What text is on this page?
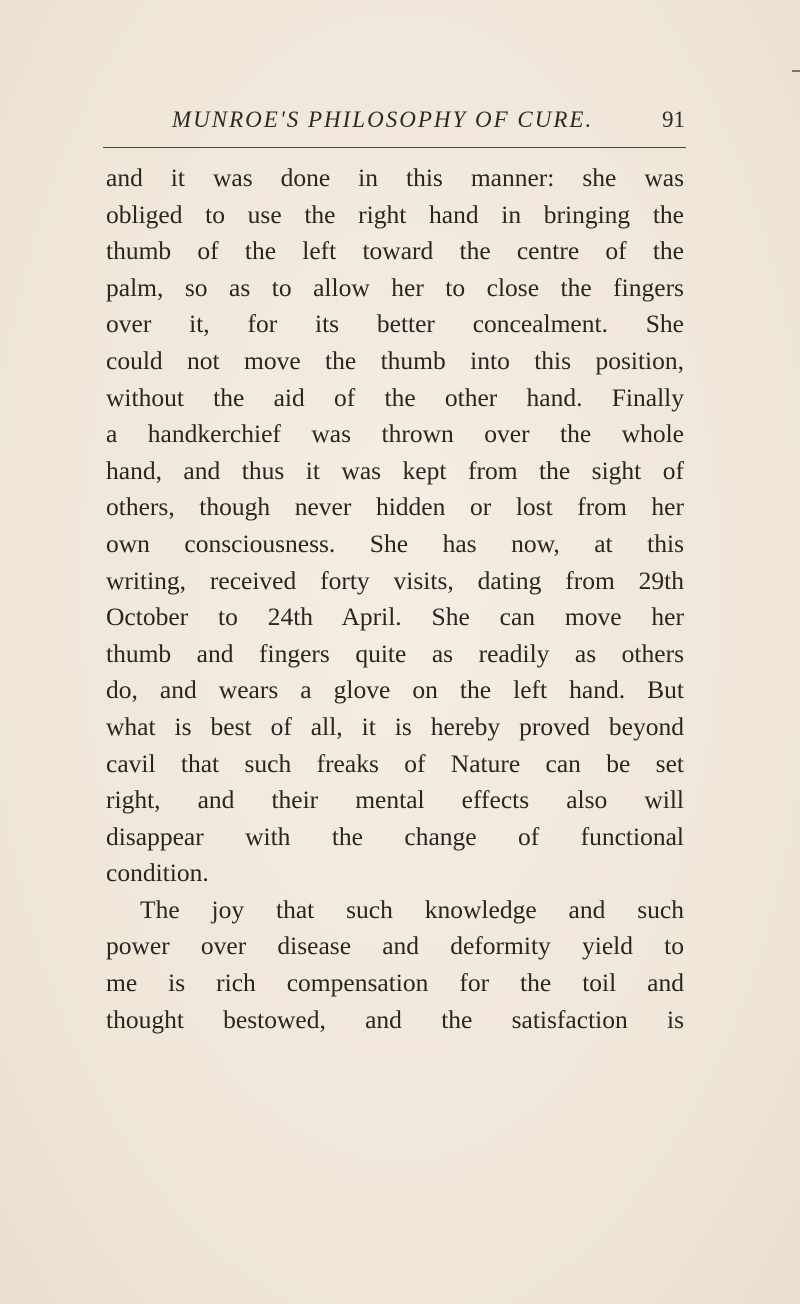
MUNROE'S PHILOSOPHY OF CURE.	91
and it was done in this manner: she was
obliged to use the right hand in bringing the
thumb of the left toward the centre of the
palm, so as to allow her to close the fingers
over it, for its better concealment. She
could not move the thumb into this position,
without the aid of the other hand. Finally
a handkerchief was thrown over the whole
hand, and thus it was kept from the sight of
others, though never hidden or lost from her
own consciousness. She has now, at this
writing, received forty visits, dating from 29th
October to 24th April. She can move her
thumb and fingers quite as readily as others
do, and wears a glove on the left hand. But
what is best of all, it is hereby proved beyond
cavil that such freaks of Nature can be set
right, and their mental effects also will
disappear with the change of functional
condition.
The joy that such knowledge and such
power over disease and deformity yield to
me is rich compensation for the toil and
thought bestowed, and the satisfaction is
